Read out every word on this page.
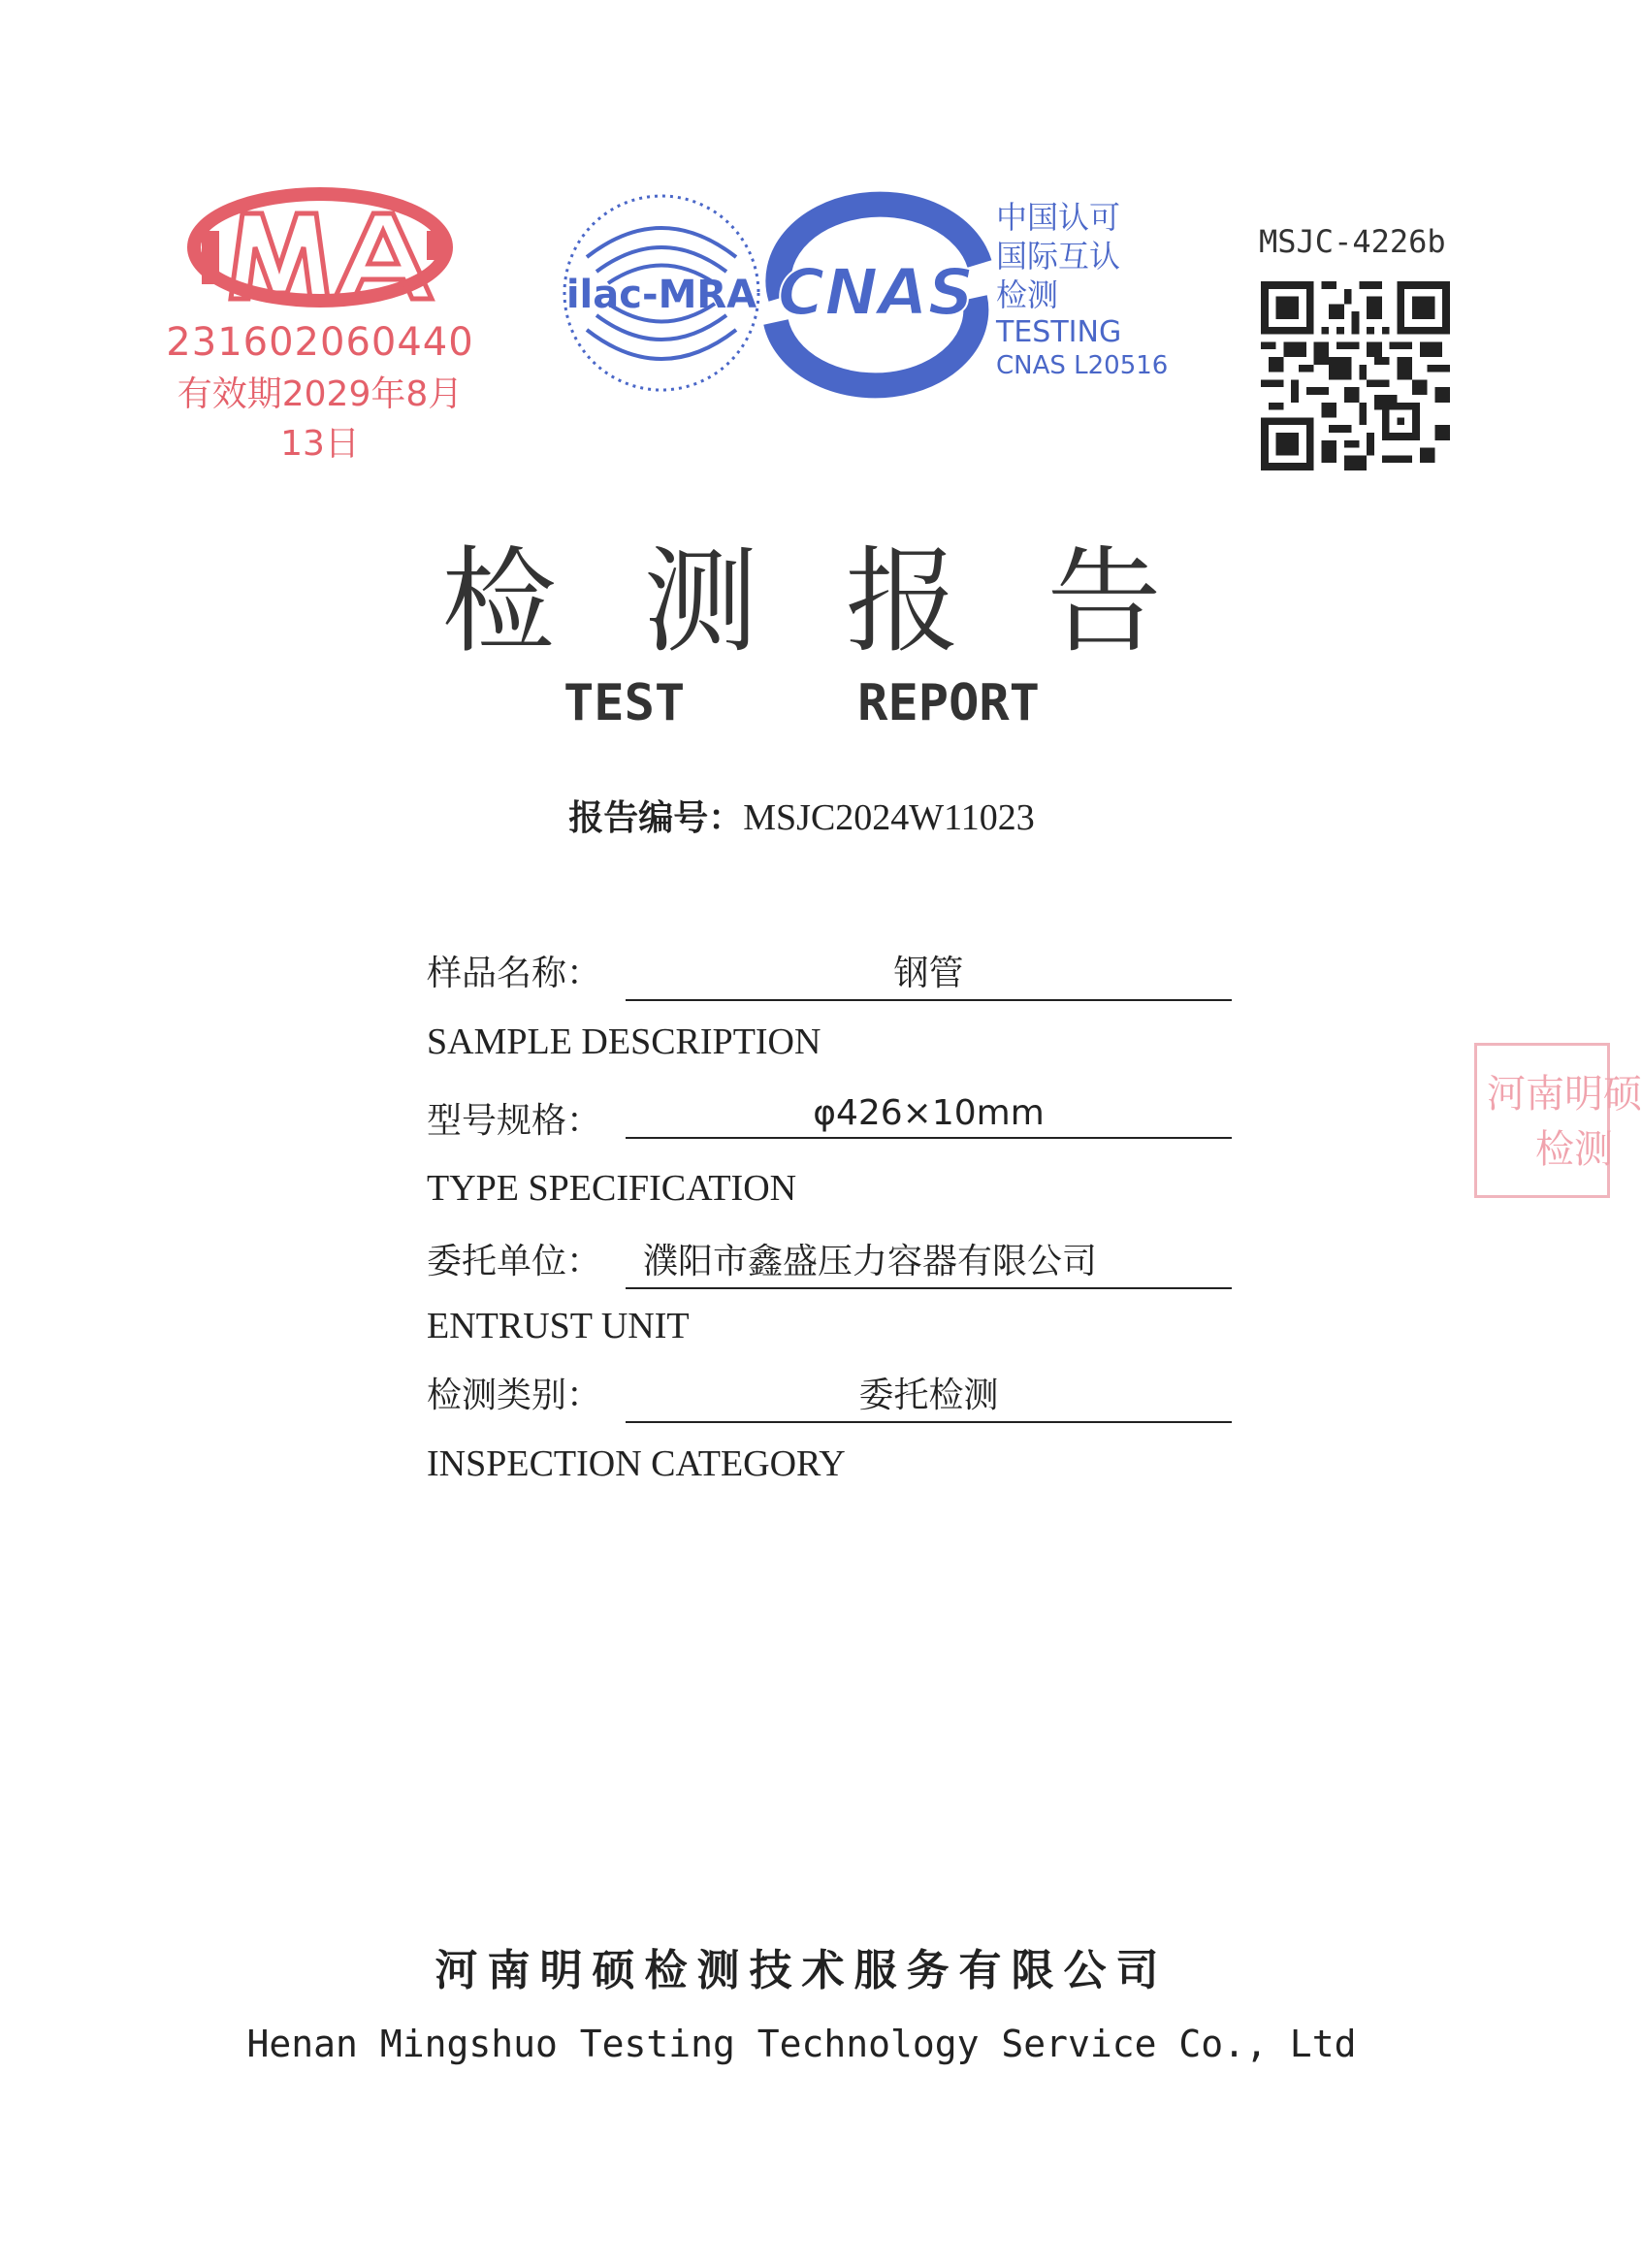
231602060440
有效期2029年8月13日
ilac-MRA CNAS
中国认可
国际互认
检测
TESTING
CNAS L20516
MSJC-4226b
检测报告
TEST   REPORT
报告编号：MSJC2024W11023
样品名称：	钢管
SAMPLE DESCRIPTION
型号规格：	φ426×10mm
TYPE SPECIFICATION
委托单位：	濮阳市鑫盛压力容器有限公司
ENTRUST UNIT
检测类别：	委托检测
INSPECTION CATEGORY
河南明硕
检测
河南明硕检测技术服务有限公司
Henan Mingshuo Testing Technology Service Co., Ltd
